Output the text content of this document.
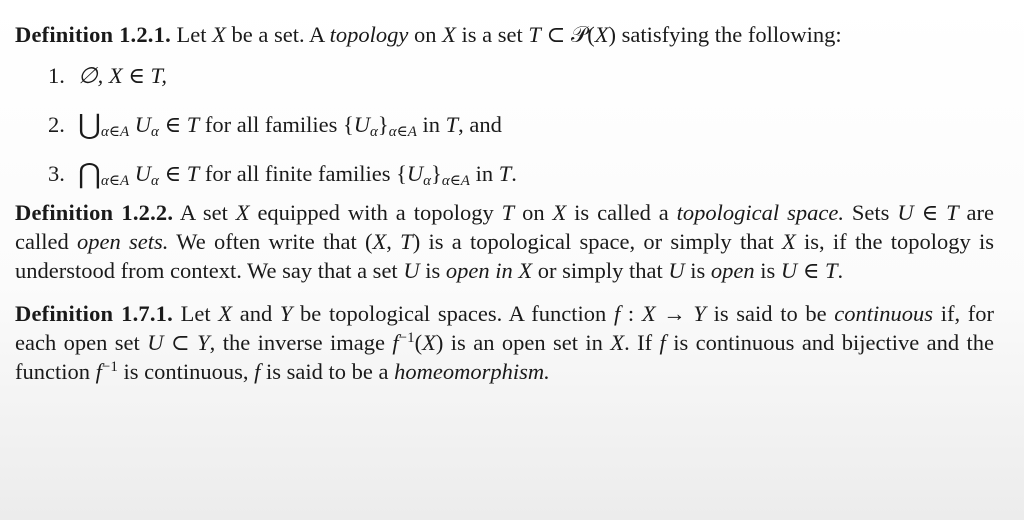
Definition 1.2.1. Let X be a set. A topology on X is a set T ⊂ 𝒫(X) satisfying the following:

1. ∅, X ∈ T,
2. $⋃_{\alpha\in A}$ $U_\alpha$ ∈ T for all families $\{U_\alpha\}_{\alpha\in A}$ in T, and
3. $⋂_{\alpha\in A}$ $U_\alpha$ ∈ T for all finite families $\{U_\alpha\}_{\alpha\in A}$ in T.

Definition 1.2.2. A set X equipped with a topology T on X is called a topological space. Sets U ∈ T are called open sets. We often write that (X, T) is a topological space, or simply that X is, if the topology is understood from context. We say that a set U is open in X or simply that U is open is U ∈ T.

Definition 1.7.1. Let X and Y be topological spaces. A function f : X → Y is said to be continuous if, for each open set U ⊂ Y, the inverse image $f^{-1}(X)$ is an open set in X. If f is continuous and bijective and the function $f^{-1}$ is continuous, f is said to be a homeomorphism.
